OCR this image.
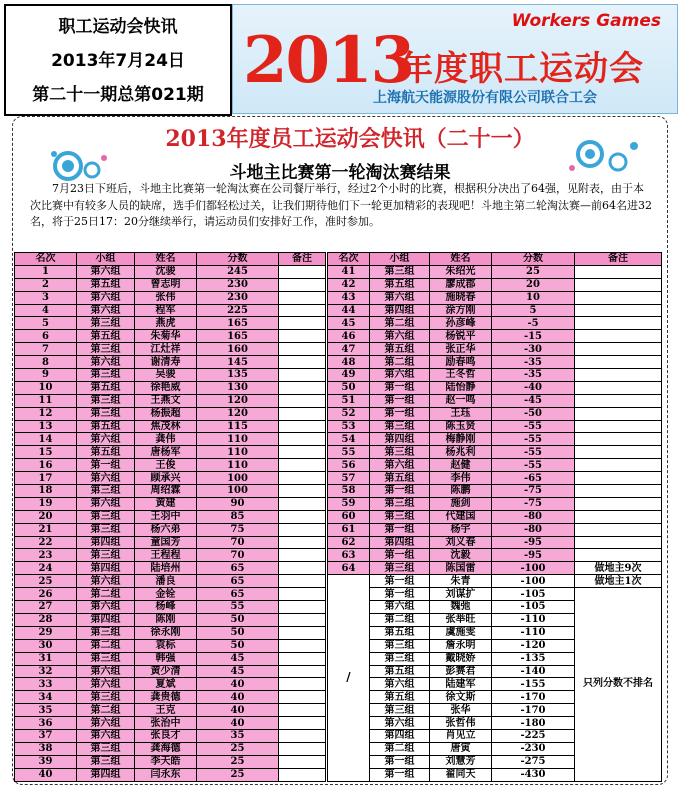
职工运动会快讯
2013年7月24日
第二十一期总第021期
Workers Games
2013
年度职工运动会
上海航天能源股份有限公司联合工会
2013年度员工运动会快讯（二十一）
斗地主比赛第一轮淘汰赛结果
7月23日下班后，斗地主比赛第一轮淘汰赛在公司餐厅举行，经过2个小时的比赛，根据积分决出了64强，见附表，由于本次比赛中有较多人员的缺席，选手们都轻松过关，让我们期待他们下一轮更加精彩的表现吧！斗地主第二轮淘汰赛—前64名进32名，将于25日17：20分继续举行，请运动员们安排好工作，准时参加。
名次	小组	姓名	分数	备注
1	第六组	沈骏	245	
2	第五组	曾志明	230	
3	第六组	张伟	230	
4	第六组	程军	225	
5	第三组	燕虎	165	
6	第五组	朱菊华	165	
7	第三组	江灶祥	160	
8	第六组	谢清寿	145	
9	第三组	吴骏	135	
10	第五组	徐艳威	130	
11	第三组	王燕文	120	
12	第三组	杨振超	120	
13	第五组	焦茂林	115	
14	第六组	龚伟	110	
15	第五组	唐杨军	110	
16	第一组	王俊	110	
17	第六组	顾承兴	100	
18	第三组	周绍霖	100	
19	第六组	黄建	90	
20	第三组	王羽中	85	
21	第三组	杨六弟	75	
22	第四组	童国芳	70	
23	第三组	王程程	70	
24	第四组	陆培州	65	
25	第六组	潘良	65	
26	第二组	金铨	65	
27	第六组	杨峰	55	
28	第四组	陈刚	50	
29	第三组	徐永刚	50	
30	第二组	袁标	50	
31	第三组	韩强	45	
32	第六组	黄少清	45	
33	第六组	夏斌	40	
34	第三组	龚贵德	40	
35	第二组	王克	40	
36	第六组	张治中	40	
37	第六组	张良才	35	
38	第三组	龚海德	25	
39	第三组	李天皓	25	
40	第四组	闫永东	25	
名次	小组	姓名	分数	备注
41	第三组	朱绍光	25	
42	第五组	廖成郡	20	
43	第六组	施晓春	10	
44	第四组	涂方刚	5	
45	第二组	孙彦峰	-5	
46	第六组	杨锐平	-15	
47	第五组	张正华	-30	
48	第二组	励春鸣	-35	
49	第六组	王冬哲	-35	
50	第一组	陆怡静	-40	
51	第一组	赵一鸣	-45	
52	第一组	王珏	-50	
53	第三组	陈玉贤	-55	
54	第四组	梅静刚	-55	
55	第三组	杨兆利	-55	
56	第六组	赵健	-55	
57	第五组	李伟	-65	
58	第一组	陈鹏	-75	
59	第三组	施剑	-75	
60	第三组	代建国	-80	
61	第一组	杨宇	-80	
62	第四组	刘义春	-95	
63	第一组	沈毅	-95	
64	第三组	陈国雷	-100	做地主9次
/	第一组	朱青	-100	做地主1次
	第一组	刘谋扩	-105	只列分数不排名
	第六组	魏弛	-105	
	第二组	张举旺	-110	
	第五组	虞施雯	-110	
	第三组	詹永明	-120	
	第三组	戴晓娇	-135	
	第五组	彭赛君	-140	
	第六组	陆建军	-155	
	第五组	徐文斯	-170	
	第三组	张华	-170	
	第六组	张哲伟	-180	
	第四组	肖见立	-225	
	第二组	唐寅	-230	
	第一组	刘慧芳	-275	
	第一组	翟同天	-430	
